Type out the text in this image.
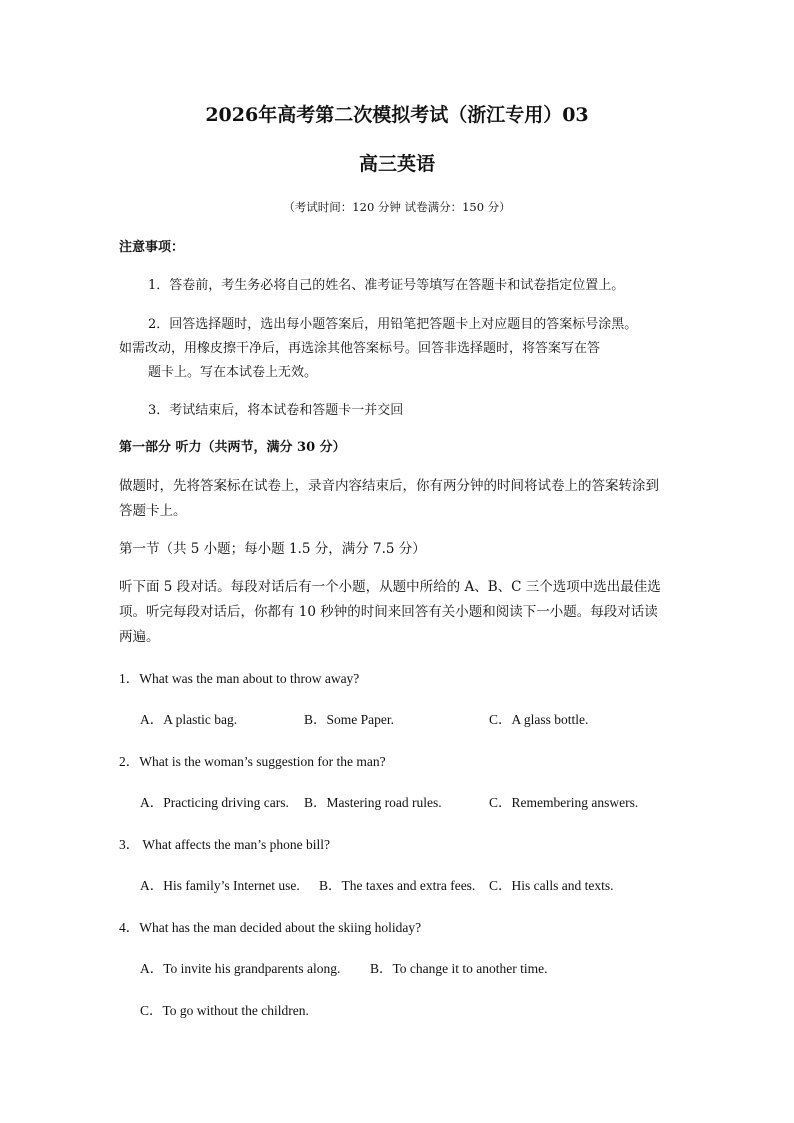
2026年高考第二次模拟考试（浙江专用）03
高三英语
（考试时间：120 分钟 试卷满分：150 分）
注意事项：
1．答卷前，考生务必将自己的姓名、准考证号等填写在答题卡和试卷指定位置上。
2．回答选择题时，选出每小题答案后，用铅笔把答题卡上对应题目的答案标号涂黑。
如需改动，用橡皮擦干净后，再选涂其他答案标号。回答非选择题时，将答案写在答
题卡上。写在本试卷上无效。
3．考试结束后，将本试卷和答题卡一并交回
第一部分 听力（共两节，满分 30 分）
做题时，先将答案标在试卷上，录音内容结束后，你有两分钟的时间将试卷上的答案转涂到
答题卡上。
第一节（共 5 小题；每小题 1.5 分，满分 7.5 分）
听下面 5 段对话。每段对话后有一个小题，从题中所给的 A、B、C 三个选项中选出最佳选
项。听完每段对话后，你都有 10 秒钟的时间来回答有关小题和阅读下一小题。每段对话读
两遍。
1．What was the man about to throw away?
A．A plastic bag.	B．Some Paper.	C．A glass bottle.
2．What is the woman’s suggestion for the man?
A．Practicing driving cars. B．Mastering road rules.	C．Remembering answers.
3． What affects the man’s phone bill?
A．His family’s Internet use. B．The taxes and extra fees. C．His calls and texts.
4．What has the man decided about the skiing holiday?
A．To invite his grandparents along. B．To change it to another time.
C．To go without the children.
